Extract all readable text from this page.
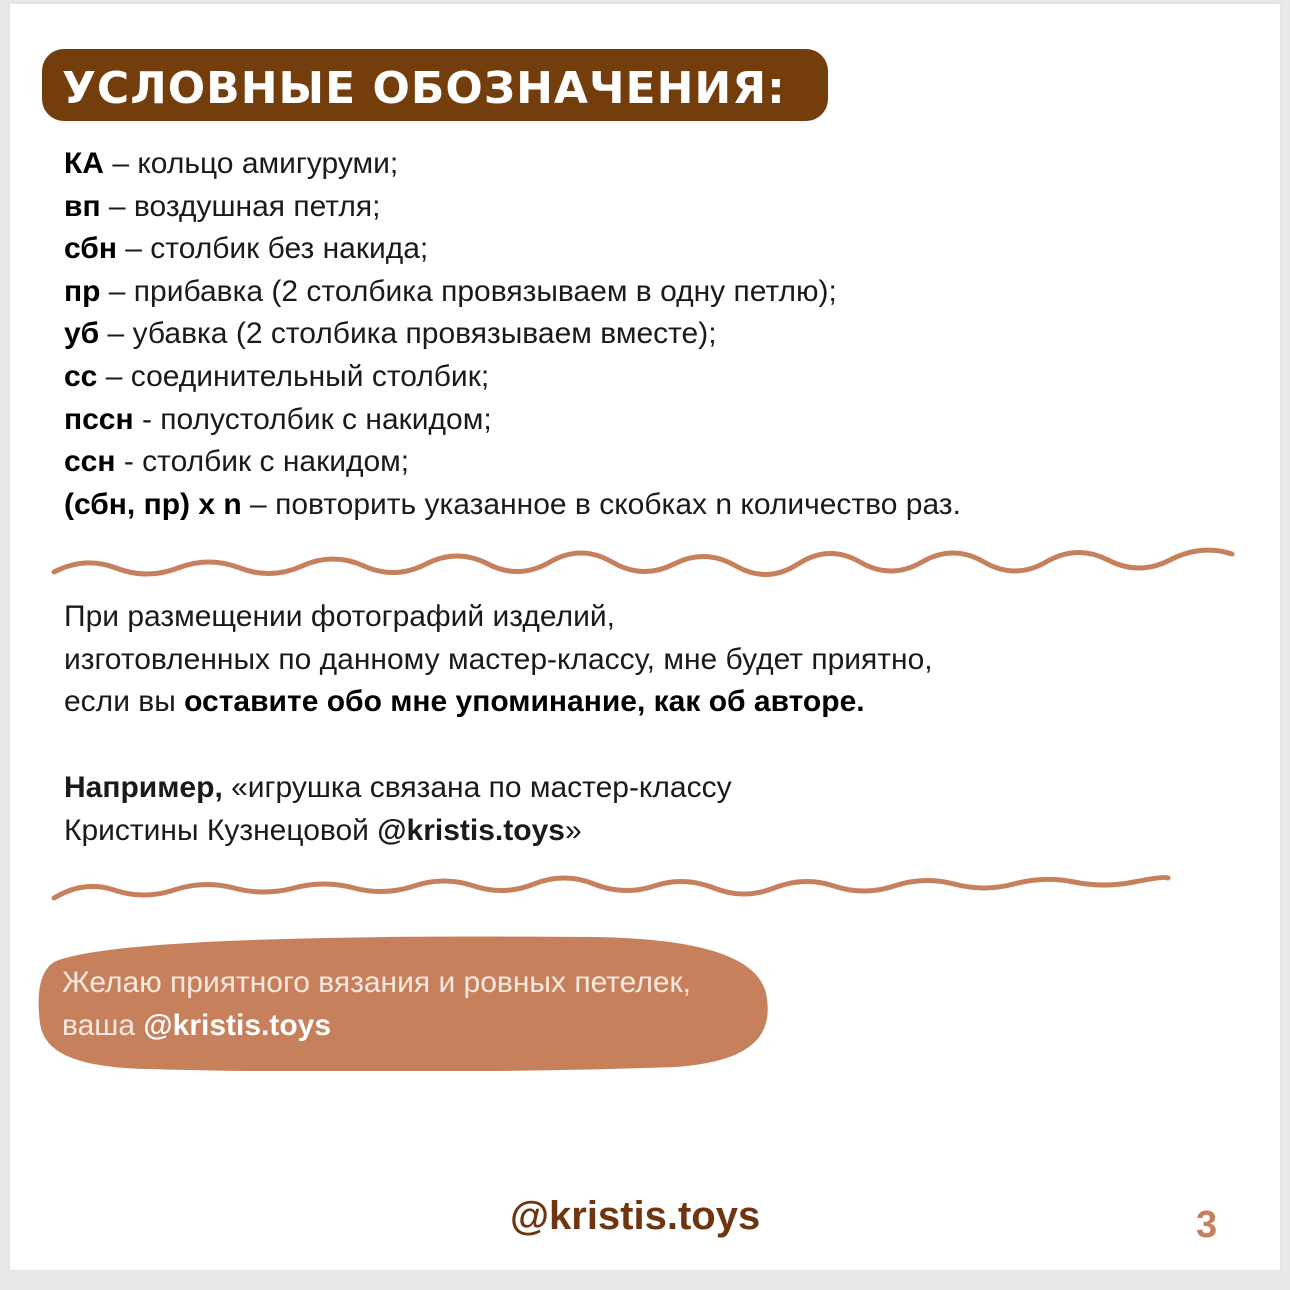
УСЛОВНЫЕ ОБОЗНАЧЕНИЯ:
КА – кольцо амигуруми;
вп – воздушная петля;
сбн – столбик без накида;
пр – прибавка (2 столбика провязываем в одну петлю);
уб – убавка (2 столбика провязываем вместе);
сс – соединительный столбик;
пссн - полустолбик с накидом;
ссн - столбик с накидом;
(сбн, пр) x n – повторить указанное в скобках n количество раз.
При размещении фотографий изделий,
изготовленных по данному мастер-классу, мне будет приятно,
если вы оставите обо мне упоминание, как об авторе.
Например, «игрушка связана по мастер-классу
Кристины Кузнецовой @kristis.toys»
Желаю приятного вязания и ровных петелек,
ваша @kristis.toys
@kristis.toys	3
